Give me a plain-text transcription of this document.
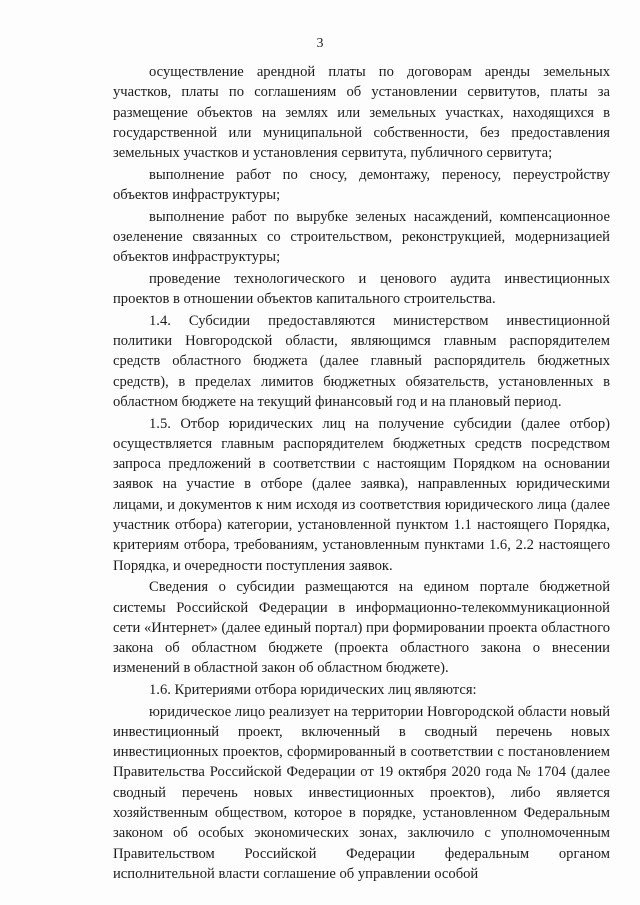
3

осуществление арендной платы по договорам аренды земельных участков, платы по соглашениям об установлении сервитутов, платы за размещение объектов на землях или земельных участках, находящихся в государственной или муниципальной собственности, без предоставления земельных участков и установления сервитута, публичного сервитута;

выполнение работ по сносу, демонтажу, переносу, переустройству объектов инфраструктуры;

выполнение работ по вырубке зеленых насаждений, компенсационное озеленение связанных со строительством, реконструкцией, модернизацией объектов инфраструктуры;

проведение технологического и ценового аудита инвестиционных проектов в отношении объектов капитального строительства.

1.4. Субсидии предоставляются министерством инвестиционной политики Новгородской области, являющимся главным распорядителем средств областного бюджета (далее главный распорядитель бюджетных средств), в пределах лимитов бюджетных обязательств, установленных в областном бюджете на текущий финансовый год и на плановый период.

1.5. Отбор юридических лиц на получение субсидии (далее отбор) осуществляется главным распорядителем бюджетных средств посредством запроса предложений в соответствии с настоящим Порядком на основании заявок на участие в отборе (далее заявка), направленных юридическими лицами, и документов к ним исходя из соответствия юридического лица (далее участник отбора) категории, установленной пунктом 1.1 настоящего Порядка, критериям отбора, требованиям, установленным пунктами 1.6, 2.2 настоящего Порядка, и очередности поступления заявок.

Сведения о субсидии размещаются на едином портале бюджетной системы Российской Федерации в информационно-телекоммуникационной сети «Интернет» (далее единый портал) при формировании проекта областного закона об областном бюджете (проекта областного закона о внесении изменений в областной закон об областном бюджете).

1.6. Критериями отбора юридических лиц являются:

юридическое лицо реализует на территории Новгородской области новый инвестиционный проект, включенный в сводный перечень новых инвестиционных проектов, сформированный в соответствии с постановлением Правительства Российской Федерации от 19 октября 2020 года № 1704 (далее сводный перечень новых инвестиционных проектов), либо является хозяйственным обществом, которое в порядке, установленном Федеральным законом об особых экономических зонах, заключило с уполномоченным Правительством Российской Федерации федеральным органом исполнительной власти соглашение об управлении особой
